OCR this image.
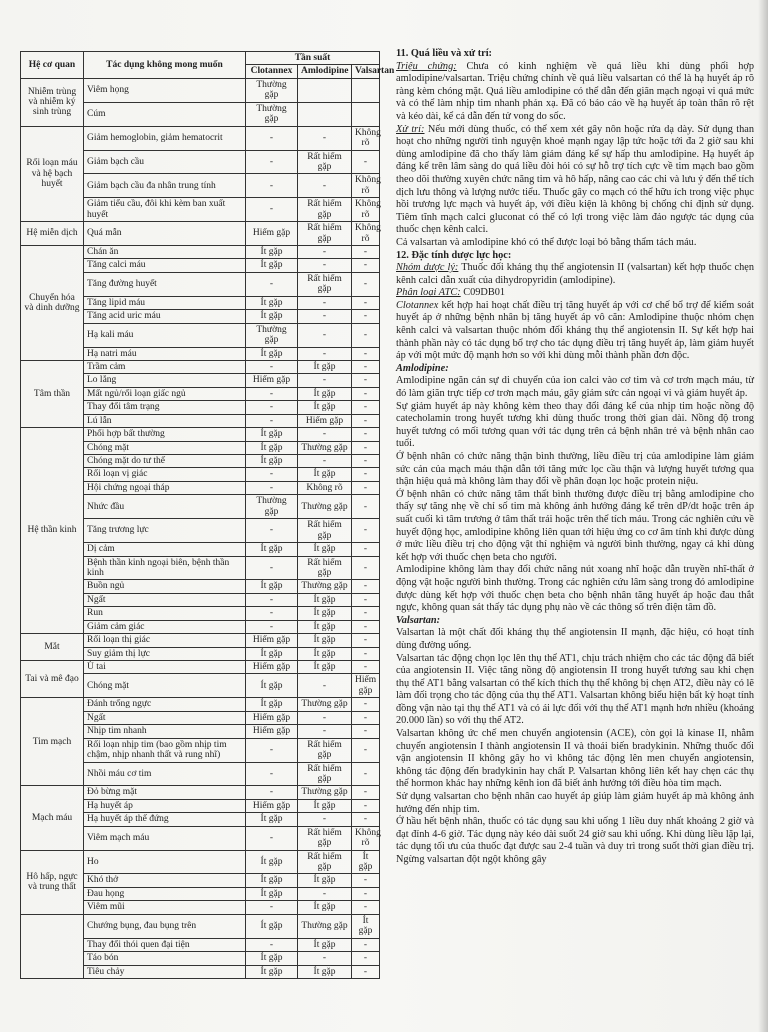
Hệ cơ quan	Tác dụng không mong muốn	Tần suất		
		Clotannex	Amlodipine	Valsartan
Nhiễm trùng và nhiễm ký sinh trùng	Viêm họng	Thường gặp		
	Cúm	Thường gặp		
Rối loạn máu và hệ bạch huyết	Giảm hemoglobin, giảm hematocrit	-	-	Không rõ
	Giảm bạch cầu	-	Rất hiếm gặp	-
	Giảm bạch cầu đa nhân trung tính	-	-	Không rõ
	Giảm tiểu cầu, đôi khi kèm ban xuất huyết	-	Rất hiếm gặp	Không rõ
Hệ miễn dịch	Quá mẫn	Hiếm gặp	Rất hiếm gặp	Không rõ
Chuyển hóa và dinh dưỡng	Chán ăn	Ít gặp	-	-
	Tăng calci máu	Ít gặp	-	-
	Tăng đường huyết	-	Rất hiếm gặp	-
	Tăng lipid máu	Ít gặp	-	-
	Tăng acid uric máu	Ít gặp	-	-
	Hạ kali máu	Thường gặp	-	-
	Hạ natri máu	Ít gặp	-	-
Tâm thần	Trầm cảm	-	Ít gặp	-
	Lo lắng	Hiếm gặp	-	-
	Mất ngủ/rối loạn giấc ngủ	-	Ít gặp	-
	Thay đổi tâm trạng	-	Ít gặp	-
	Lú lẫn	-	Hiếm gặp	-
Hệ thần kinh	Phối hợp bất thường	Ít gặp	-	-
	Chóng mặt	Ít gặp	Thường gặp	-
	Chóng mặt do tư thế	Ít gặp	-	-
	Rối loạn vị giác	-	Ít gặp	-
	Hội chứng ngoại tháp	-	Không rõ	-
	Nhức đầu	Thường gặp	Thường gặp	-
	Tăng trương lực	-	Rất hiếm gặp	-
	Dị cảm	Ít gặp	Ít gặp	-
	Bệnh thần kinh ngoại biên, bệnh thần kinh	-	Rất hiếm gặp	-
	Buồn ngủ	Ít gặp	Thường gặp	-
	Ngất	-	Ít gặp	-
	Run	-	Ít gặp	-
	Giảm cảm giác	-	Ít gặp	-
Mắt	Rối loạn thị giác	Hiếm gặp	Ít gặp	-
	Suy giảm thị lực	Ít gặp	Ít gặp	-
Tai và mê đạo	Ù tai	Hiếm gặp	Ít gặp	-
	Chóng mặt	Ít gặp	-	Hiếm gặp
Tim mạch	Đánh trống ngực	Ít gặp	Thường gặp	-
	Ngất	Hiếm gặp	-	-
	Nhịp tim nhanh	Hiếm gặp	-	-
	Rối loạn nhịp tim (bao gồm nhịp tim chậm, nhịp nhanh thất và rung nhĩ)	-	Rất hiếm gặp	-
	Nhồi máu cơ tim	-	Rất hiếm gặp	-
Mạch máu	Đỏ bừng mặt	-	Thường gặp	-
	Hạ huyết áp	Hiếm gặp	Ít gặp	-
	Hạ huyết áp thế đứng	Ít gặp	-	-
	Viêm mạch máu	-	Rất hiếm gặp	Không rõ
Hô hấp, ngực và trung thất	Ho	Ít gặp	Rất hiếm gặp	Ít gặp
	Khó thở	Ít gặp	Ít gặp	-
	Đau họng	Ít gặp	-	-
	Viêm mũi	-	Ít gặp	-
	Chướng bụng, đau bụng trên	Ít gặp	Thường gặp	Ít gặp
	Thay đổi thói quen đại tiện	-	Ít gặp	-
	Táo bón	Ít gặp	-	-
	Tiêu chảy	Ít gặp	Ít gặp	-

11. Quá liều và xử trí:

Triệu chứng: Chưa có kinh nghiệm về quá liều khi dùng phối hợp amlodipine/valsartan. Triệu chứng chính về quá liều valsartan có thể là hạ huyết áp rõ ràng kèm chóng mặt. Quá liều amlodipine có thể dẫn đến giãn mạch ngoại vi quá mức và có thể làm nhịp tim nhanh phản xạ. Đã có báo cáo về hạ huyết áp toàn thân rõ rệt và kéo dài, kể cả dẫn đến tử vong do sốc.

Xử trí: Nếu mới dùng thuốc, có thể xem xét gây nôn hoặc rửa dạ dày. Sử dụng than hoạt cho những người tình nguyện khoẻ mạnh ngay lập tức hoặc tới đa 2 giờ sau khi dùng amlodipine đã cho thấy làm giảm đáng kể sự hấp thu amlodipine. Hạ huyết áp đáng kể trên lâm sàng do quá liều đòi hỏi có sự hỗ trợ tích cực về tim mạch bao gồm theo dõi thường xuyên chức năng tim và hô hấp, nâng cao các chi và lưu ý đến thể tích dịch lưu thông và lượng nước tiểu. Thuốc gây co mạch có thể hữu ích trong việc phục hồi trương lực mạch và huyết áp, với điều kiện là không bị chống chỉ định sử dụng. Tiêm tĩnh mạch calci gluconat có thể có lợi trong việc làm đảo ngược tác dụng của thuốc chẹn kênh calci.

Cả valsartan và amlodipine khó có thể được loại bỏ bằng thẩm tách máu.

12. Đặc tính dược lực học:

Nhóm dược lý: Thuốc đối kháng thụ thể angiotensin II (valsartan) kết hợp thuốc chẹn kênh calci dẫn xuất của dihydropyridin (amlodipine).

Phân loại ATC: C09DB01

Clotannex kết hợp hai hoạt chất điều trị tăng huyết áp với cơ chế bổ trợ để kiểm soát huyết áp ở những bệnh nhân bị tăng huyết áp vô căn: Amlodipine thuộc nhóm chẹn kênh calci và valsartan thuộc nhóm đối kháng thụ thể angiotensin II. Sự kết hợp hai thành phần này có tác dụng bổ trợ cho tác dụng điều trị tăng huyết áp, làm giảm huyết áp với một mức độ mạnh hơn so với khi dùng mỗi thành phần đơn độc.

Amlodipine:

Amlodipine ngăn cản sự di chuyển của ion calci vào cơ tim và cơ trơn mạch máu, từ đó làm giãn trực tiếp cơ trơn mạch máu, gây giảm sức cản ngoại vi và giảm huyết áp.

Sự giảm huyết áp này không kèm theo thay đổi đáng kể của nhịp tim hoặc nồng độ catecholamin trong huyết tương khi dùng thuốc trong thời gian dài. Nồng độ trong huyết tương có mối tương quan với tác dụng trên cả bệnh nhân trẻ và bệnh nhân cao tuổi.

Ở bệnh nhân có chức năng thận bình thường, liều điều trị của amlodipine làm giảm sức cản của mạch máu thận dẫn tới tăng mức lọc cầu thận và lượng huyết tương qua thận hiệu quả mà không làm thay đổi về phân đoạn lọc hoặc protein niệu.

Ở bệnh nhân có chức năng tâm thất bình thường được điều trị bằng amlodipine cho thấy sự tăng nhẹ về chỉ số tim mà không ảnh hưởng đáng kể trên dP/dt hoặc trên áp suất cuối kì tâm trương ở tâm thất trái hoặc trên thể tích máu. Trong các nghiên cứu về huyết động học, amlodipine không liên quan tới hiệu ứng co cơ âm tính khi được dùng ở mức liều điều trị cho động vật thí nghiệm và người bình thường, ngay cả khi dùng kết hợp với thuốc chẹn beta cho người.

Amlodipine không làm thay đổi chức năng nút xoang nhĩ hoặc dẫn truyền nhĩ-thất ở động vật hoặc người bình thường. Trong các nghiên cứu lâm sàng trong đó amlodipine được dùng kết hợp với thuốc chẹn beta cho bệnh nhân tăng huyết áp hoặc đau thắt ngực, không quan sát thấy tác dụng phụ nào về các thông số trên điện tâm đồ.

Valsartan:

Valsartan là một chất đối kháng thụ thể angiotensin II mạnh, đặc hiệu, có hoạt tính dùng đường uống.

Valsartan tác động chọn lọc lên thụ thể AT1, chịu trách nhiệm cho các tác động đã biết của angiotensin II. Việc tăng nồng độ angiotensin II trong huyết tương sau khi chẹn thụ thể AT1 bằng valsartan có thể kích thích thụ thể không bị chẹn AT2, điều này có lẽ làm đối trọng cho tác động của thụ thể AT1. Valsartan không biểu hiện bất kỳ hoạt tính đồng vận nào tại thụ thể AT1 và có ái lực đối với thụ thể AT1 mạnh hơn nhiều (khoảng 20.000 lần) so với thụ thể AT2.

Valsartan không ức chế men chuyển angiotensin (ACE), còn gọi là kinase II, nhằm chuyển angiotensin I thành angiotensin II và thoái biến bradykinin. Những thuốc đối vận angiotensin II không gây ho vì không tác động lên men chuyển angiotensin, không tác động đến bradykinin hay chất P. Valsartan không liên kết hay chẹn các thụ thể hormon khác hay những kênh ion đã biết ảnh hưởng tới điều hòa tim mạch.

Sử dụng valsartan cho bệnh nhân cao huyết áp giúp làm giảm huyết áp mà không ảnh hưởng đến nhịp tim.

Ở hầu hết bệnh nhân, thuốc có tác dụng sau khi uống 1 liều duy nhất khoảng 2 giờ và đạt đỉnh 4-6 giờ. Tác dụng này kéo dài suốt 24 giờ sau khi uống. Khi dùng liều lặp lại, tác dụng tối ưu của thuốc đạt được sau 2-4 tuần và duy trì trong suốt thời gian điều trị. Ngừng valsartan đột ngột không gây
